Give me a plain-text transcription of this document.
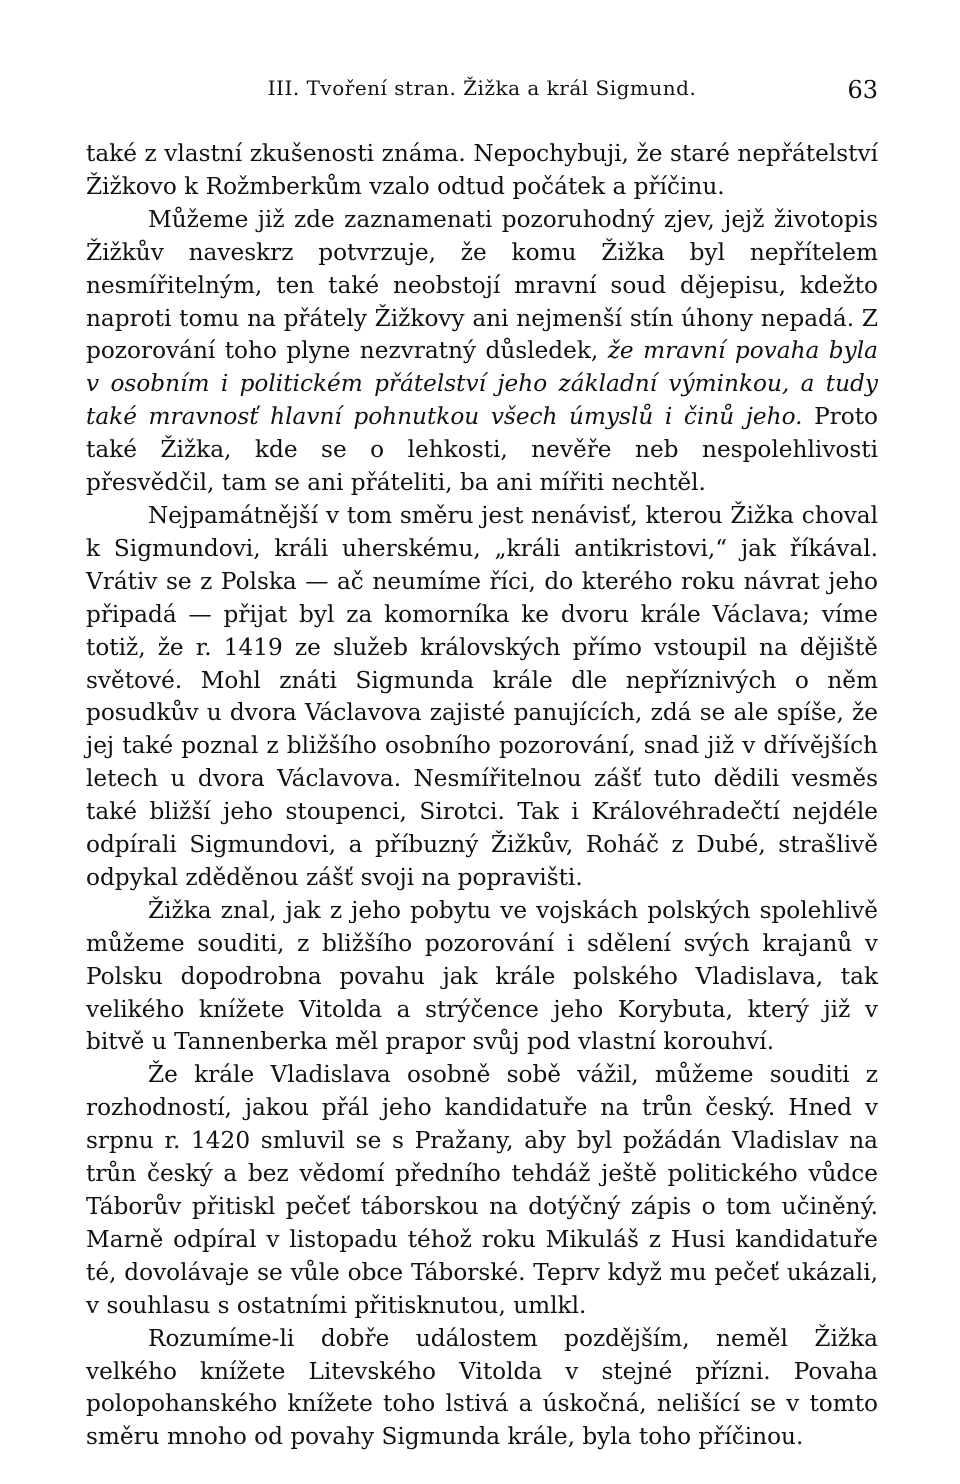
III. Tvoření stran. Žižka a král Sigmund.	63

také z vlastní zkušenosti známa. Nepochybuji, že staré nepřátelství Žižkovo k Rožmberkům vzalo odtud počátek a příčinu.

Můžeme již zde zaznamenati pozoruhodný zjev, jejž životopis Žižkův naveskrz potvrzuje, že komu Žižka byl nepřítelem nesmířitelným, ten také neobstojí mravní soud dějepisu, kdežto naproti tomu na přátely Žižkovy ani nejmenší stín úhony nepadá. Z pozorování toho plyne nezvratný důsledek, že mravní povaha byla v osobním i politickém přátelství jeho základní výminkou, a tudy také mravnosť hlavní pohnutkou všech úmyslů i činů jeho. Proto také Žižka, kde se o lehkosti, nevěře neb nespolehlivosti přesvědčil, tam se ani přáteliti, ba ani mířiti nechtěl.

Nejpamátnější v tom směru jest nenávisť, kterou Žižka choval k Sigmundovi, králi uherskému, „králi antikristovi,“ jak říkával. Vrátiv se z Polska — ač neumíme říci, do kterého roku návrat jeho připadá — přijat byl za komorníka ke dvoru krále Václava; víme totiž, že r. 1419 ze služeb královských přímo vstoupil na dějiště světové. Mohl znáti Sigmunda krále dle nepříznivých o něm posudkův u dvora Václavova zajisté panujících, zdá se ale spíše, že jej také poznal z bližšího osobního pozorování, snad již v dřívějších letech u dvora Václavova. Nesmířitelnou zášť tuto dědili vesměs také bližší jeho stoupenci, Sirotci. Tak i Královéhradečtí nejdéle odpírali Sigmundovi, a příbuzný Žižkův, Roháč z Dubé, strašlivě odpykal zděděnou zášť svoji na popravišti.

Žižka znal, jak z jeho pobytu ve vojskách polských spolehlivě můžeme souditi, z bližšího pozorování i sdělení svých krajanů v Polsku dopodrobna povahu jak krále polského Vladislava, tak velikého knížete Vitolda a strýčence jeho Korybuta, který již v bitvě u Tannenberka měl prapor svůj pod vlastní korouhví.

Že krále Vladislava osobně sobě vážil, můžeme souditi z rozhodností, jakou přál jeho kandidatuře na trůn český. Hned v srpnu r. 1420 smluvil se s Pražany, aby byl požádán Vladislav na trůn český a bez vědomí předního tehdáž ještě politického vůdce Táborův přitiskl pečeť táborskou na dotýčný zápis o tom učiněný. Marně odpíral v listopadu téhož roku Mikuláš z Husi kandidatuře té, dovolávaje se vůle obce Táborské. Teprv když mu pečeť ukázali, v souhlasu s ostatními přitisknutou, umlkl.

Rozumíme-li dobře událostem pozdějším, neměl Žižka velkého knížete Litevského Vitolda v stejné přízni. Povaha polopohanského knížete toho lstivá a úskočná, nelišící se v tomto směru mnoho od povahy Sigmunda krále, byla toho příčinou.
